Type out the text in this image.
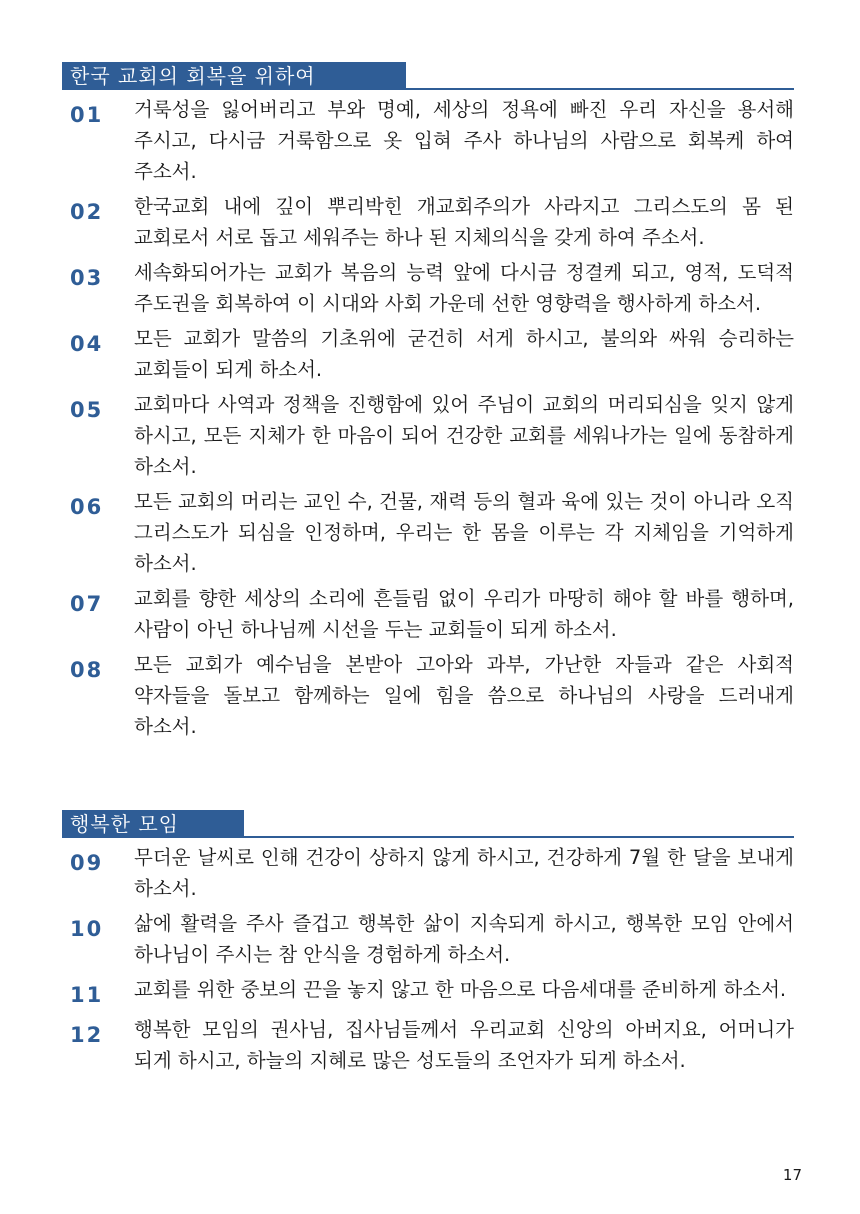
한국 교회의 회복을 위하여
01	거룩성을 잃어버리고 부와 명예, 세상의 정욕에 빠진 우리 자신을 용서해 주시고, 다시금 거룩함으로 옷 입혀 주사 하나님의 사람으로 회복케 하여 주소서.
02	한국교회 내에 깊이 뿌리박힌 개교회주의가 사라지고 그리스도의 몸 된 교회로서 서로 돕고 세워주는 하나 된 지체의식을 갖게 하여 주소서.
03	세속화되어가는 교회가 복음의 능력 앞에 다시금 정결케 되고, 영적, 도덕적 주도권을 회복하여 이 시대와 사회 가운데 선한 영향력을 행사하게 하소서.
04	모든 교회가 말씀의 기초위에 굳건히 서게 하시고, 불의와 싸워 승리하는 교회들이 되게 하소서.
05	교회마다 사역과 정책을 진행함에 있어 주님이 교회의 머리되심을 잊지 않게 하시고, 모든 지체가 한 마음이 되어 건강한 교회를 세워나가는 일에 동참하게 하소서.
06	모든 교회의 머리는 교인 수, 건물, 재력 등의 혈과 육에 있는 것이 아니라 오직 그리스도가 되심을 인정하며, 우리는 한 몸을 이루는 각 지체임을 기억하게 하소서.
07	교회를 향한 세상의 소리에 흔들림 없이 우리가 마땅히 해야 할 바를 행하며, 사람이 아닌 하나님께 시선을 두는 교회들이 되게 하소서.
08	모든 교회가 예수님을 본받아 고아와 과부, 가난한 자들과 같은 사회적 약자들을 돌보고 함께하는 일에 힘을 씀으로 하나님의 사랑을 드러내게 하소서.
행복한 모임
09	무더운 날씨로 인해 건강이 상하지 않게 하시고, 건강하게 7월 한 달을 보내게 하소서.
10	삶에 활력을 주사 즐겁고 행복한 삶이 지속되게 하시고, 행복한 모임 안에서 하나님이 주시는 참 안식을 경험하게 하소서.
11	교회를 위한 중보의 끈을 놓지 않고 한 마음으로 다음세대를 준비하게 하소서.
12	행복한 모임의 권사님, 집사님들께서 우리교회 신앙의 아버지요, 어머니가 되게 하시고, 하늘의 지혜로 많은 성도들의 조언자가 되게 하소서.
17
